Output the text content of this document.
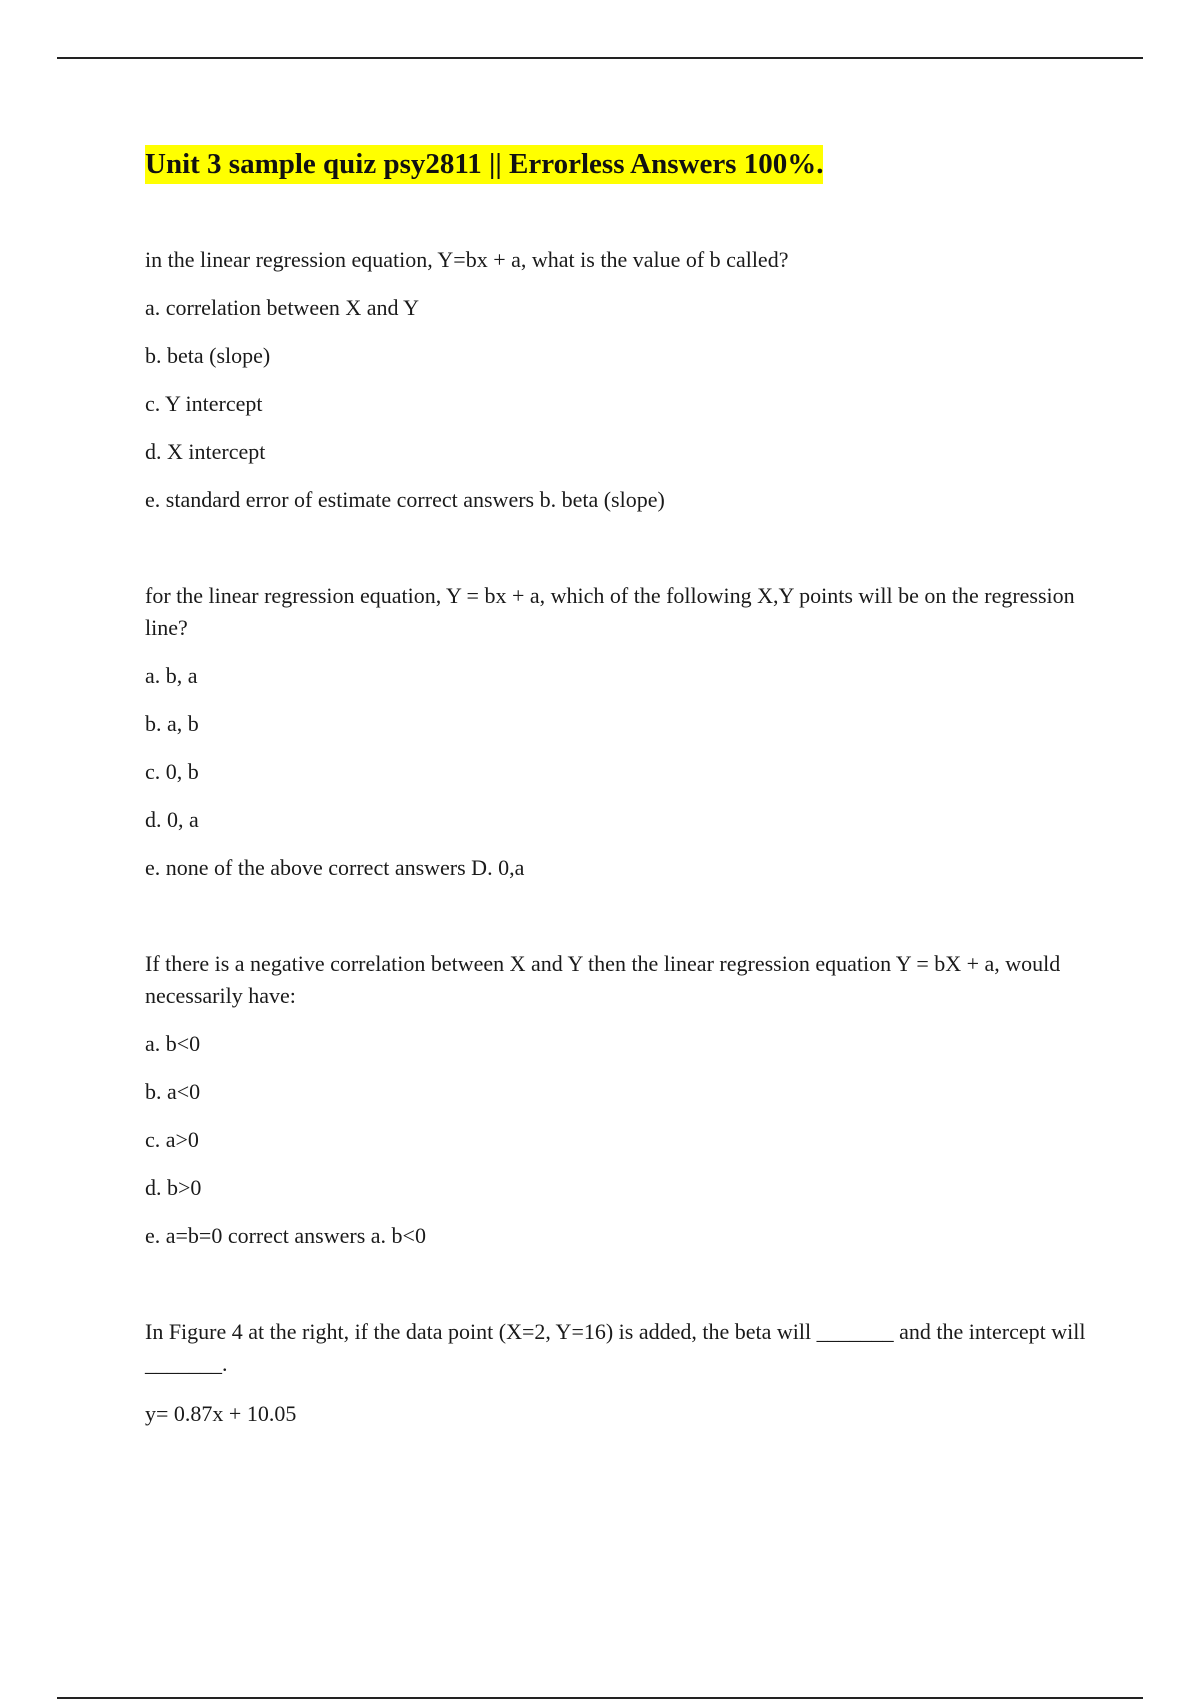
Unit 3 sample quiz psy2811 || Errorless Answers 100%.

in the linear regression equation, Y=bx + a, what is the value of b called?

a. correlation between X and Y

b. beta (slope)

c. Y intercept

d. X intercept

e. standard error of estimate correct answers b. beta (slope)

for the linear regression equation, Y = bx + a, which of the following X,Y points will be on the regression line?

a. b, a

b. a, b

c. 0, b

d. 0, a

e. none of the above correct answers D. 0,a

If there is a negative correlation between X and Y then the linear regression equation Y = bX + a, would necessarily have:

a. b<0

b. a<0

c. a>0

d. b>0

e. a=b=0 correct answers a. b<0

In Figure 4 at the right, if the data point (X=2, Y=16) is added, the beta will _______ and the intercept will _______.

y= 0.87x + 10.05
